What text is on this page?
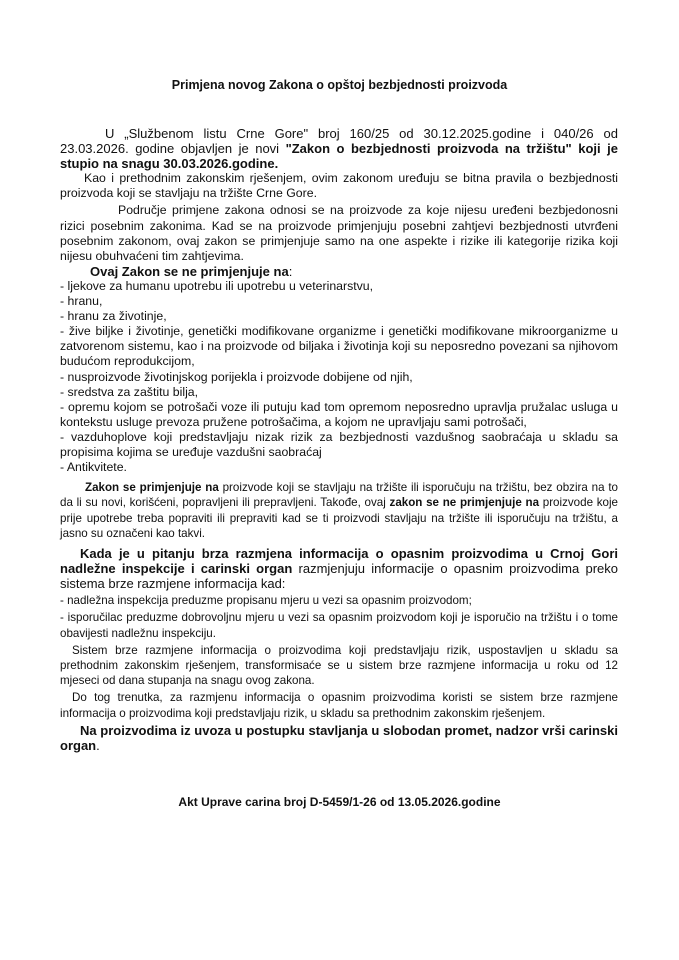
Primjena novog Zakona o opštoj bezbjednosti proizvoda

U „Službenom listu Crne Gore" broj 160/25 od 30.12.2025.godine i 040/26 od 23.03.2026. godine objavljen je novi "Zakon o bezbjednosti proizvoda na tržištu" koji je stupio na snagu 30.03.2026.godine.

Kao i prethodnim zakonskim rješenjem, ovim zakonom uređuju se bitna pravila o bezbjednosti proizvoda koji se stavljaju na tržište Crne Gore.

Područje primjene zakona odnosi se na proizvode za koje nijesu uređeni bezbjedonosni rizici posebnim zakonima. Kad se na proizvode primjenjuju posebni zahtjevi bezbjednosti utvrđeni posebnim zakonom, ovaj zakon se primjenjuje samo na one aspekte i rizike ili kategorije rizika koji nijesu obuhvaćeni tim zahtjevima.

Ovaj Zakon se ne primjenjuje na:

- ljekove za humanu upotrebu ili upotrebu u veterinarstvu,

- hranu,

- hranu za životinje,

- žive biljke i životinje, genetički modifikovane organizme i genetički modifikovane mikroorganizme u zatvorenom sistemu, kao i na proizvode od biljaka i životinja koji su neposredno povezani sa njihovom budućom reprodukcijom,

- nusproizvode životinjskog porijekla i proizvode dobijene od njih,

- sredstva za zaštitu bilja,

- opremu kojom se potrošači voze ili putuju kad tom opremom neposredno upravlja pružalac usluga u kontekstu usluge prevoza pružene potrošačima, a kojom ne upravljaju sami potrošači,

- vazduhoplove koji predstavljaju nizak rizik za bezbjednosti vazdušnog saobraćaja u skladu sa propisima kojima se uređuje vazdušni saobraćaj

- Antikvitete.

Zakon se primjenjuje na proizvode koji se stavljaju na tržište ili isporučuju na tržištu, bez obzira na to da li su novi, korišćeni, popravljeni ili prepravljeni. Takođe, ovaj zakon se ne primjenjuje na proizvode koje prije upotrebe treba popraviti ili prepraviti kad se ti proizvodi stavljaju na tržište ili isporučuju na tržištu, a jasno su označeni kao takvi.

Kada je u pitanju brza razmjena informacija o opasnim proizvodima u Crnoj Gori nadležne inspekcije i carinski organ razmjenjuju informacije o opasnim proizvodima preko sistema brze razmjene informacija kad:

- nadležna inspekcija preduzme propisanu mjeru u vezi sa opasnim proizvodom;

- isporučilac preduzme dobrovoljnu mjeru u vezi sa opasnim proizvodom koji je isporučio na tržištu i o tome obavijesti nadležnu inspekciju.

Sistem brze razmjene informacija o proizvodima koji predstavljaju rizik, uspostavljen u skladu sa prethodnim zakonskim rješenjem, transformisaće se u sistem brze razmjene informacija u roku od 12 mjeseci od dana stupanja na snagu ovog zakona.

Do tog trenutka, za razmjenu informacija o opasnim proizvodima koristi se sistem brze razmjene informacija o proizvodima koji predstavljaju rizik, u skladu sa prethodnim zakonskim rješenjem.

Na proizvodima iz uvoza u postupku stavljanja u slobodan promet, nadzor vrši carinski organ.

Akt Uprave carina broj D-5459/1-26 od 13.05.2026.godine
